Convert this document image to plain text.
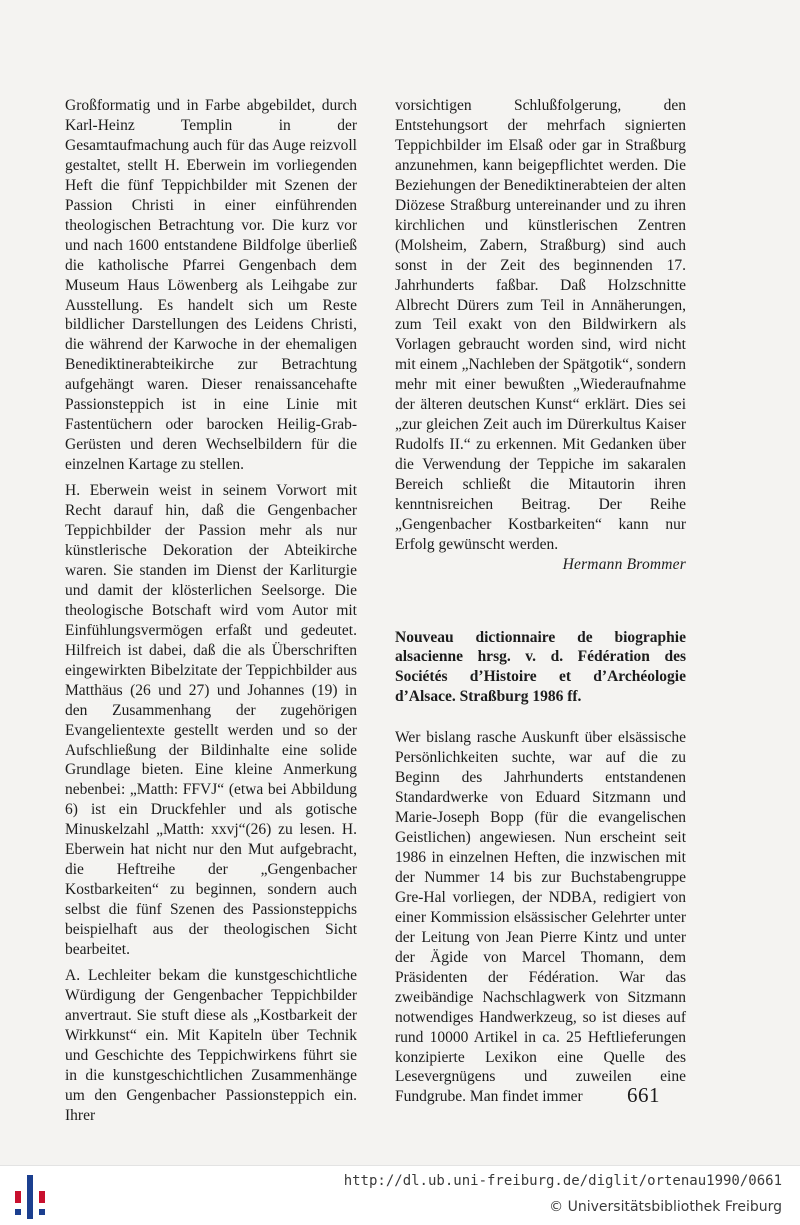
Großformatig und in Farbe abgebildet, durch Karl-Heinz Templin in der Gesamtaufmachung auch für das Auge reizvoll gestaltet, stellt H. Eberwein im vorliegenden Heft die fünf Teppichbilder mit Szenen der Passion Christi in einer einführenden theologischen Betrachtung vor. Die kurz vor und nach 1600 entstandene Bildfolge überließ die katholische Pfarrei Gengenbach dem Museum Haus Löwenberg als Leihgabe zur Ausstellung. Es handelt sich um Reste bildlicher Darstellungen des Leidens Christi, die während der Karwoche in der ehemaligen Benediktinerabteikirche zur Betrachtung aufgehängt waren. Dieser renaissancehafte Passionsteppich ist in eine Linie mit Fastentüchern oder barocken Heilig-Grab-Gerüsten und deren Wechselbildern für die einzelnen Kartage zu stellen.

H. Eberwein weist in seinem Vorwort mit Recht darauf hin, daß die Gengenbacher Teppichbilder der Passion mehr als nur künstlerische Dekoration der Abteikirche waren. Sie standen im Dienst der Karliturgie und damit der klösterlichen Seelsorge. Die theologische Botschaft wird vom Autor mit Einfühlungsvermögen erfaßt und gedeutet. Hilfreich ist dabei, daß die als Überschriften eingewirkten Bibelzitate der Teppichbilder aus Matthäus (26 und 27) und Johannes (19) in den Zusammenhang der zugehörigen Evangelientexte gestellt werden und so der Aufschließung der Bildinhalte eine solide Grundlage bieten. Eine kleine Anmerkung nebenbei: „Matth: FFVJ“ (etwa bei Abbildung 6) ist ein Druckfehler und als gotische Minuskelzahl „Matth: xxvj“(26) zu lesen. H. Eberwein hat nicht nur den Mut aufgebracht, die Heftreihe der „Gengenbacher Kostbarkeiten“ zu beginnen, sondern auch selbst die fünf Szenen des Passionsteppichs beispielhaft aus der theologischen Sicht bearbeitet.

A. Lechleiter bekam die kunstgeschichtliche Würdigung der Gengenbacher Teppichbilder anvertraut. Sie stuft diese als „Kostbarkeit der Wirkkunst“ ein. Mit Kapiteln über Technik und Geschichte des Teppichwirkens führt sie in die kunstgeschichtlichen Zusammenhänge um den Gengenbacher Passionsteppich ein. Ihrer

vorsichtigen Schlußfolgerung, den Entstehungsort der mehrfach signierten Teppichbilder im Elsaß oder gar in Straßburg anzunehmen, kann beigepflichtet werden. Die Beziehungen der Benediktinerabteien der alten Diözese Straßburg untereinander und zu ihren kirchlichen und künstlerischen Zentren (Molsheim, Zabern, Straßburg) sind auch sonst in der Zeit des beginnenden 17. Jahrhunderts faßbar. Daß Holzschnitte Albrecht Dürers zum Teil in Annäherungen, zum Teil exakt von den Bildwirkern als Vorlagen gebraucht worden sind, wird nicht mit einem „Nachleben der Spätgotik“, sondern mehr mit einer bewußten „Wiederaufnahme der älteren deutschen Kunst“ erklärt. Dies sei „zur gleichen Zeit auch im Dürerkultus Kaiser Rudolfs II.“ zu erkennen. Mit Gedanken über die Verwendung der Teppiche im sakaralen Bereich schließt die Mitautorin ihren kenntnisreichen Beitrag. Der Reihe „Gengenbacher Kostbarkeiten“ kann nur Erfolg gewünscht werden.

Hermann Brommer

Nouveau dictionnaire de biographie alsacienne hrsg. v. d. Fédération des Sociétés d’Histoire et d’Archéologie d’Alsace. Straßburg 1986 ff.

Wer bislang rasche Auskunft über elsässische Persönlichkeiten suchte, war auf die zu Beginn des Jahrhunderts entstandenen Standardwerke von Eduard Sitzmann und Marie-Joseph Bopp (für die evangelischen Geistlichen) angewiesen. Nun erscheint seit 1986 in einzelnen Heften, die inzwischen mit der Nummer 14 bis zur Buchstabengruppe Gre-Hal vorliegen, der NDBA, redigiert von einer Kommission elsässischer Gelehrter unter der Leitung von Jean Pierre Kintz und unter der Ägide von Marcel Thomann, dem Präsidenten der Fédération. War das zweibändige Nachschlagwerk von Sitzmann notwendiges Handwerkzeug, so ist dieses auf rund 10000 Artikel in ca. 25 Heftlieferungen konzipierte Lexikon eine Quelle des Lesevergnügens und zuweilen eine Fundgrube. Man findet immer	661
http://dl.ub.uni-freiburg.de/diglit/ortenau1990/0661
© Universitätsbibliothek Freiburg
